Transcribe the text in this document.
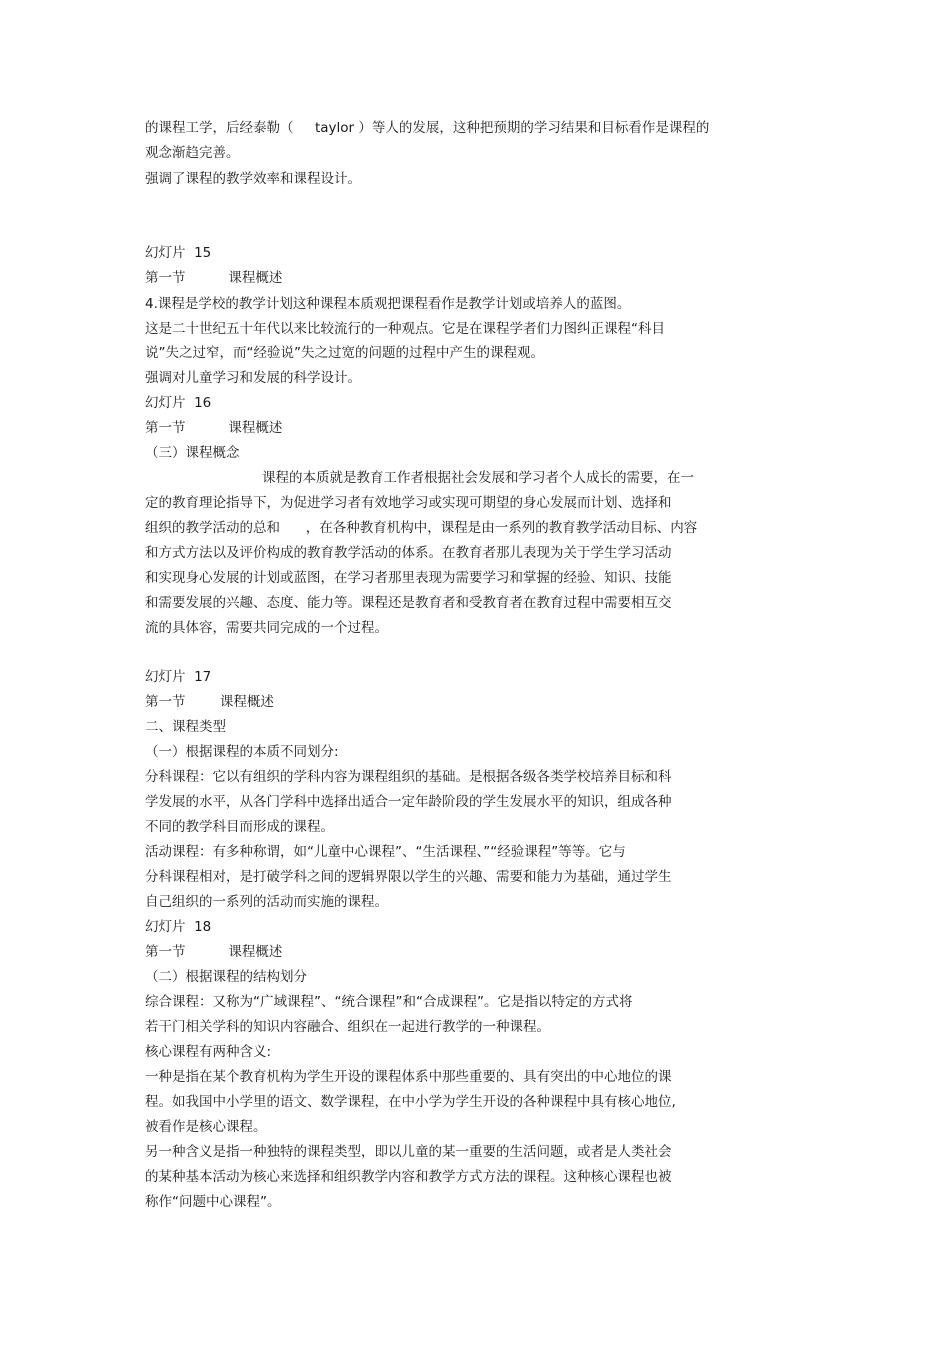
的课程工学，后经泰勒（     taylor ）等人的发展，这种把预期的学习结果和目标看作是课程的
观念渐趋完善。
强调了课程的教学效率和课程设计。
幻灯片  15
第一节          课程概述
4.课程是学校的教学计划这种课程本质观把课程看作是教学计划或培养人的蓝图。
这是二十世纪五十年代以来比较流行的一种观点。它是在课程学者们力图纠正课程“科目
说”失之过窄，而“经验说”失之过宽的问题的过程中产生的课程观。
强调对儿童学习和发展的科学设计。
幻灯片  16
第一节          课程概述
（三）课程概念
课程的本质就是教育工作者根据社会发展和学习者个人成长的需要，在一
定的教育理论指导下，为促进学习者有效地学习或实现可期望的身心发展而计划、选择和
组织的教学活动的总和      ，在各种教育机构中，课程是由一系列的教育教学活动目标、内容
和方式方法以及评价构成的教育教学活动的体系。在教育者那儿表现为关于学生学习活动
和实现身心发展的计划或蓝图，在学习者那里表现为需要学习和掌握的经验、知识、技能
和需要发展的兴趣、态度、能力等。课程还是教育者和受教育者在教育过程中需要相互交
流的具体容，需要共同完成的一个过程。
幻灯片  17
第一节        课程概述
二、课程类型
（一）根据课程的本质不同划分:
分科课程：它以有组织的学科内容为课程组织的基础。是根据各级各类学校培养目标和科
学发展的水平，从各门学科中选择出适合一定年龄阶段的学生发展水平的知识，组成各种
不同的教学科目而形成的课程。
活动课程：有多种称谓，如“儿童中心课程”、“生活课程、”“经验课程”等等。它与
分科课程相对，是打破学科之间的逻辑界限以学生的兴趣、需要和能力为基础，通过学生
自己组织的一系列的活动而实施的课程。
幻灯片  18
第一节          课程概述
（二）根据课程的结构划分
综合课程：又称为“广域课程”、“统合课程”和“合成课程”。它是指以特定的方式将
若干门相关学科的知识内容融合、组织在一起进行教学的一种课程。
核心课程有两种含义:
一种是指在某个教育机构为学生开设的课程体系中那些重要的、具有突出的中心地位的课
程。如我国中小学里的语文、数学课程，在中小学为学生开设的各种课程中具有核心地位,
被看作是核心课程。
另一种含义是指一种独特的课程类型，即以儿童的某一重要的生活问题，或者是人类社会
的某种基本活动为核心来选择和组织教学内容和教学方式方法的课程。这种核心课程也被
称作“问题中心课程”。
